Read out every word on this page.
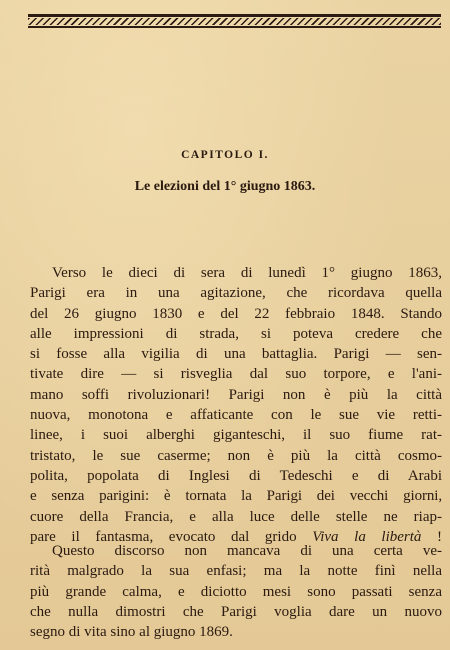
CAPITOLO I.
Le elezioni del 1° giugno 1863.
Verso le dieci di sera di lunedì 1° giugno 1863,
Parigi era in una agitazione, che ricordava quella
del 26 giugno 1830 e del 22 febbraio 1848. Stando
alle impressioni di strada, si poteva credere che
si fosse alla vigilia di una battaglia. Parigi — sen-
tivate dire — si risveglia dal suo torpore, e l'ani-
mano soffi rivoluzionari! Parigi non è più la città
nuova, monotona e affaticante con le sue vie retti-
linee, i suoi alberghi giganteschi, il suo fiume rat-
tristato, le sue caserme; non è più la città cosmo-
polita, popolata di Inglesi di Tedeschi e di Arabi
e senza parigini: è tornata la Parigi dei vecchi giorni,
cuore della Francia, e alla luce delle stelle ne riap-
pare il fantasma, evocato dal grido Viva la libertà !
Questo discorso non mancava di una certa ve-
rità malgrado la sua enfasi; ma la notte finì nella
più grande calma, e diciotto mesi sono passati senza
che nulla dimostri che Parigi voglia dare un nuovo
segno di vita sino al giugno 1869.
